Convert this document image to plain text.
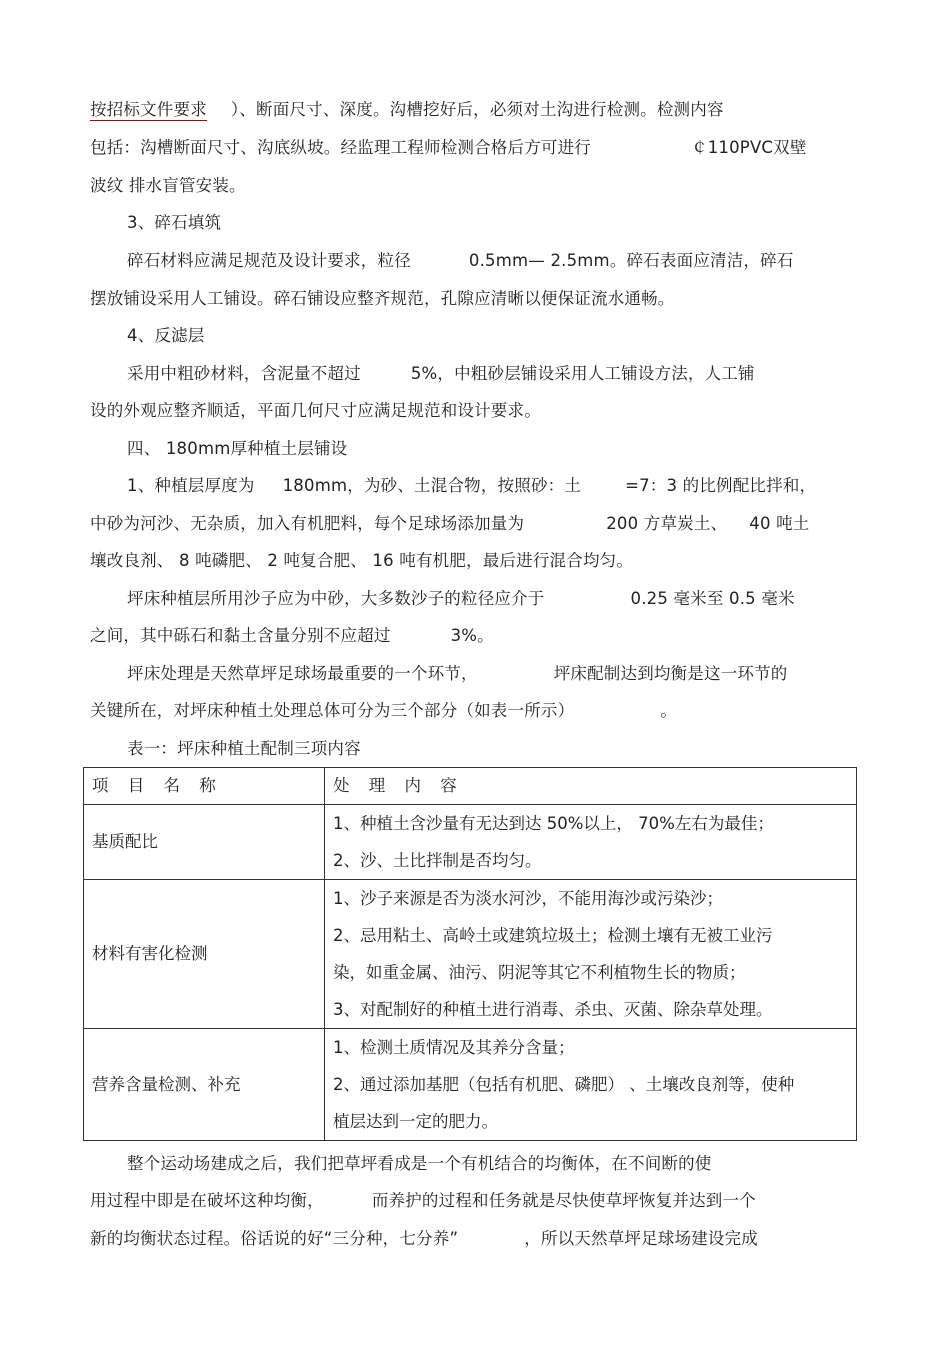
按招标文件要求 ）、断面尺寸、深度。沟槽挖好后，必须对土沟进行检测。检测内容
包括：沟槽断面尺寸、沟底纵坡。经监理工程师检测合格后方可进行	￠110PVC双壁
波纹 排水盲管安装。
3、碎石填筑
碎石材料应满足规范及设计要求，粒径	0.5mm— 2.5mm。碎石表面应清洁，碎石
摆放铺设采用人工铺设。碎石铺设应整齐规范，孔隙应清晰以便保证流水通畅。
4、反滤层
采用中粗砂材料，含泥量不超过	5%，中粗砂层铺设采用人工铺设方法，人工铺
设的外观应整齐顺适，平面几何尺寸应满足规范和设计要求。
四、 180mm厚种植土层铺设
1、种植层厚度为 180mm，为砂、土混合物，按照砂：土	=7：3 的比例配比拌和，
中砂为河沙、无杂质，加入有机肥料，每个足球场添加量为	200 方草炭土、 40 吨土
壤改良剂、 8 吨磷肥、 2 吨复合肥、 16 吨有机肥，最后进行混合均匀。
坪床种植层所用沙子应为中砂，大多数沙子的粒径应介于	0.25 毫米至 0.5 毫米
之间，其中砾石和黏土含量分别不应超过	3%。
坪床处理是天然草坪足球场最重要的一个环节，	坪床配制达到均衡是这一环节的
关键所在，对坪床种植土处理总体可分为三个部分（如表一所示）	。
表一：坪床种植土配制三项内容
项 目 名 称	处 理 内 容
基质配比	1、种植土含沙量有无达到达 50%以上， 70%左右为最佳；
2、沙、土比拌制是否均匀。

材料有害化检测	1、沙子来源是否为淡水河沙，不能用海沙或污染沙；
2、忌用粘土、高岭土或建筑垃圾土；检测土壤有无被工业污
染，如重金属、油污、阴泥等其它不利植物生长的物质；
3、对配制好的种植土进行消毒、杀虫、灭菌、除杂草处理。

营养含量检测、补充	1、检测土质情况及其养分含量；
2、通过添加基肥（包括有机肥、磷肥） 、土壤改良剂等，使种
植层达到一定的肥力。
整个运动场建成之后，我们把草坪看成是一个有机结合的均衡体，在不间断的使
用过程中即是在破坏这种均衡，	而养护的过程和任务就是尽快使草坪恢复并达到一个
新的均衡状态过程。俗话说的好“三分种，七分养”	，所以天然草坪足球场建设完成
